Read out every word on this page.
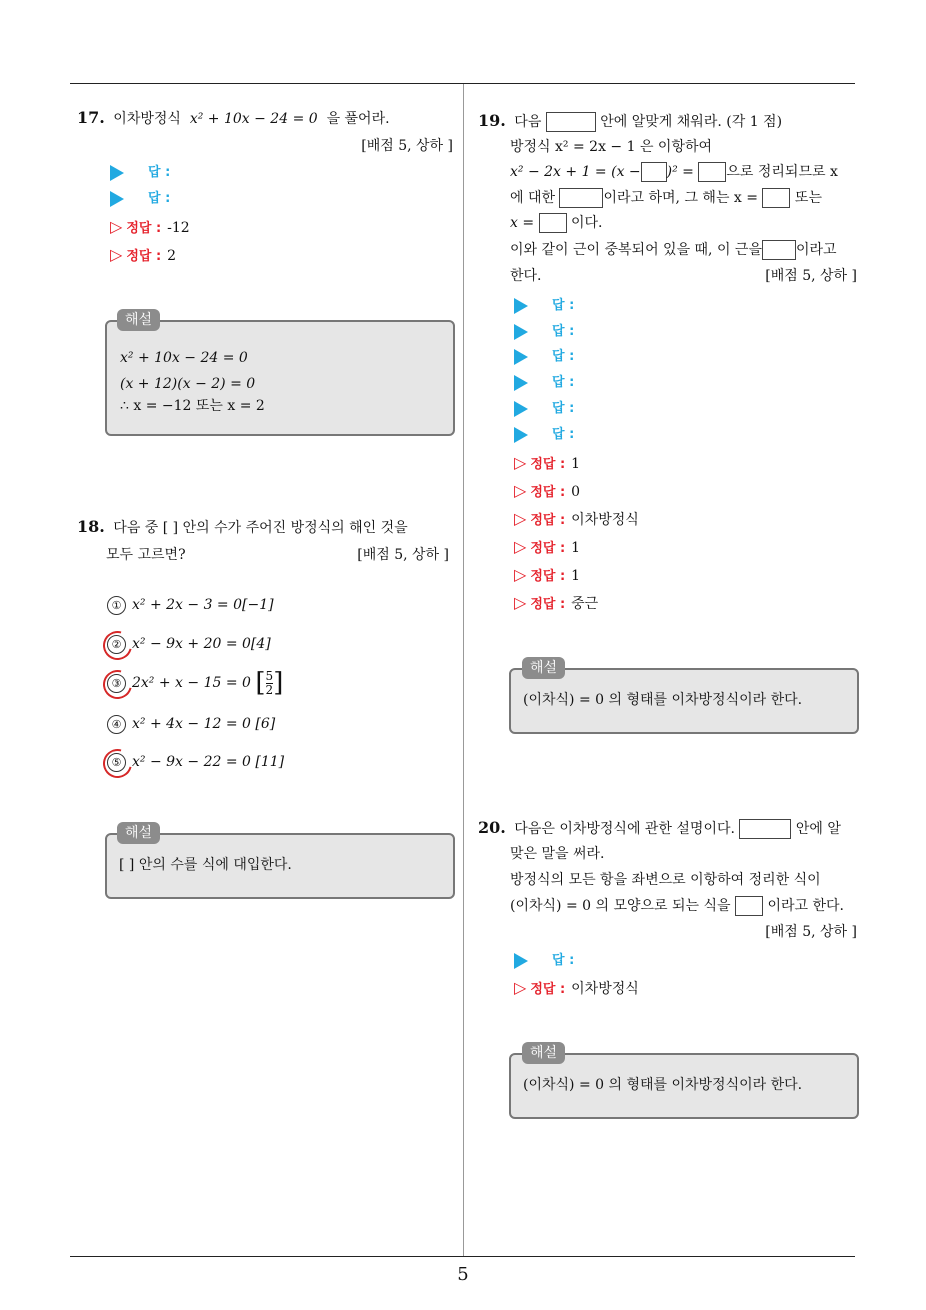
5
17. 이차방정식  x² + 10x − 24 = 0  을 풀어라.
[배점 5, 상하 ]
답 :
답 :
▷ 정답 : -12
▷ 정답 : 2
x² + 10x − 24 = 0
(x + 12)(x − 2) = 0
∴ x = −12 또는 x = 2
해설
18. 다음 중 [ ] 안의 수가 주어진 방정식의 해인 것을
모두 고르면?	[배점 5, 상하 ]
① x² + 2x − 3 = 0[−1]
② x² − 9x + 20 = 0[4]
③ 2x² + x − 15 = 0 $[\frac{5}{2}]$
④ x² + 4x − 12 = 0 [6]
⑤ x² − 9x − 22 = 0 [11]
[ ] 안의 수를 식에 대입한다.
해설
19. 다음	안에 알맞게 채워라. (각 1 점)
방정식 x² = 2x − 1 은 이항하여
x² − 2x + 1 = (x − )² = 으로 정리되므로 x
에 대한	이라고 하며, 그 해는 x =	또는
x =	이다.
이와 같이 근이 중복되어 있을 때, 이 근을 이라고
한다.	[배점 5, 상하 ]
답 :
답 :
답 :
답 :
답 :
답 :
▷ 정답 : 1
▷ 정답 : 0
▷ 정답 : 이차방정식
▷ 정답 : 1
▷ 정답 : 1
▷ 정답 : 중근
(이차식) = 0 의 형태를 이차방정식이라 한다.
해설
20. 다음은 이차방정식에 관한 설명이다.	안에 알
맞은 말을 써라.
방정식의 모든 항을 좌변으로 이항하여 정리한 식이
(이차식) = 0 의 모양으로 되는 식을	이라고 한다.
[배점 5, 상하 ]
답 :
▷ 정답 : 이차방정식
(이차식) = 0 의 형태를 이차방정식이라 한다.
해설
